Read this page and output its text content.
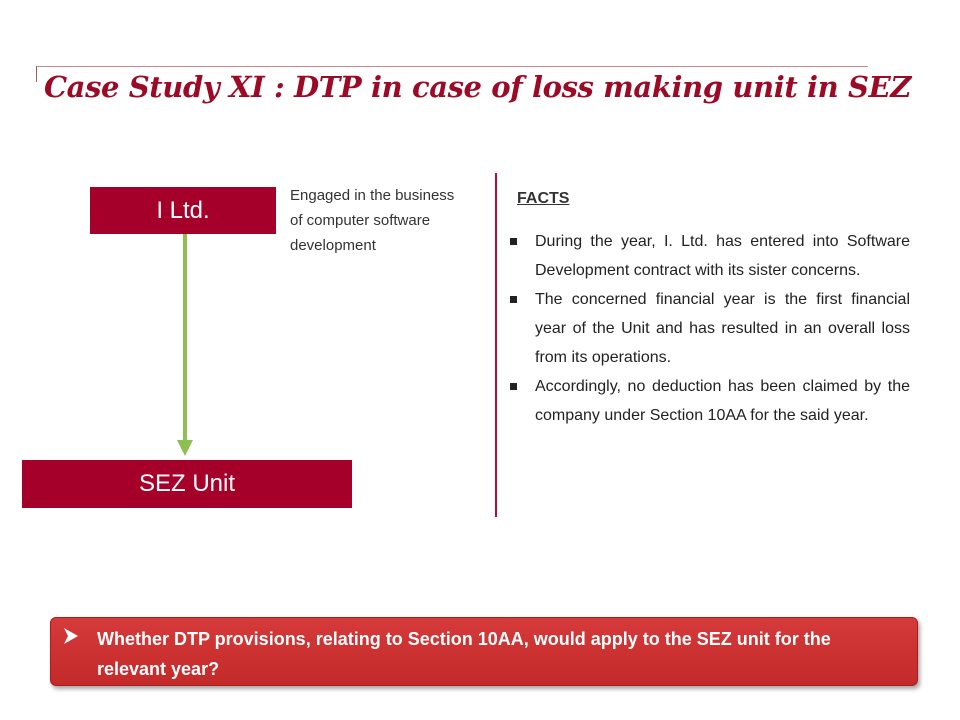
Case Study XI : DTP in case of loss making unit in SEZ
I Ltd.
Engaged in the business of computer software development
SEZ Unit
FACTS
During the year, I. Ltd. has entered into Software Development contract with its sister concerns.
The concerned financial year is the first financial year of the Unit and has resulted in an overall loss from its operations.
Accordingly, no deduction has been claimed by the company under Section 10AA for the said year.
Whether DTP provisions, relating to Section 10AA, would apply to the SEZ unit for the relevant year?
